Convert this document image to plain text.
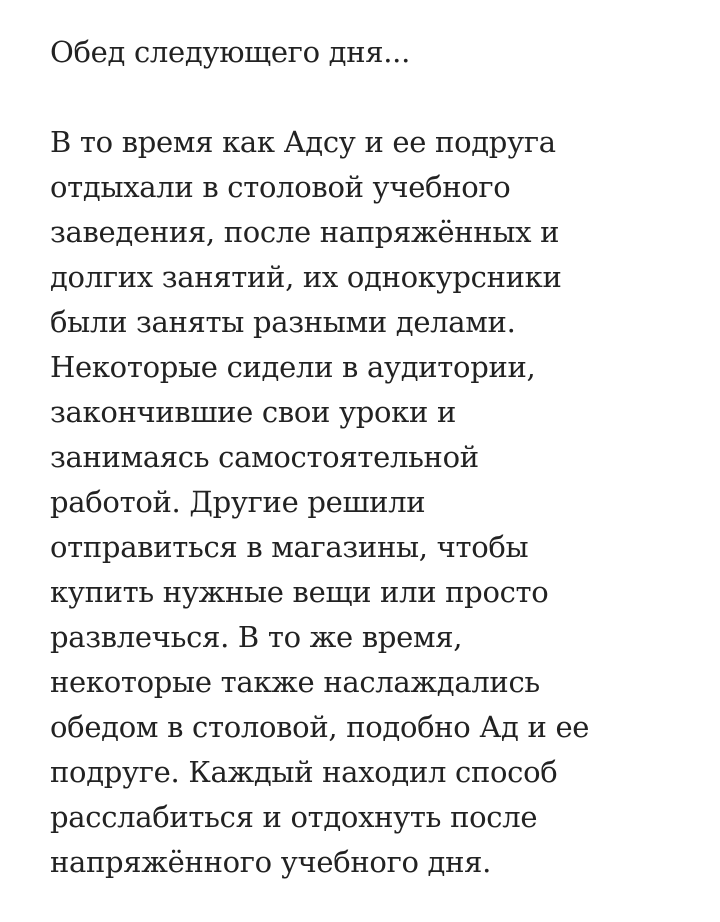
Обед следующего дня...
В то время как Адсу и ее подруга
отдыхали в столовой учебного
заведения, после напряжённых и
долгих занятий, их однокурсники
были заняты разными делами.
Некоторые сидели в аудитории,
закончившие свои уроки и
занимаясь самостоятельной
работой. Другие решили
отправиться в магазины, чтобы
купить нужные вещи или просто
развлечься. В то же время,
некоторые также наслаждались
обедом в столовой, подобно Ад и ее
подруге. Каждый находил способ
расслабиться и отдохнуть после
напряжённого учебного дня.
